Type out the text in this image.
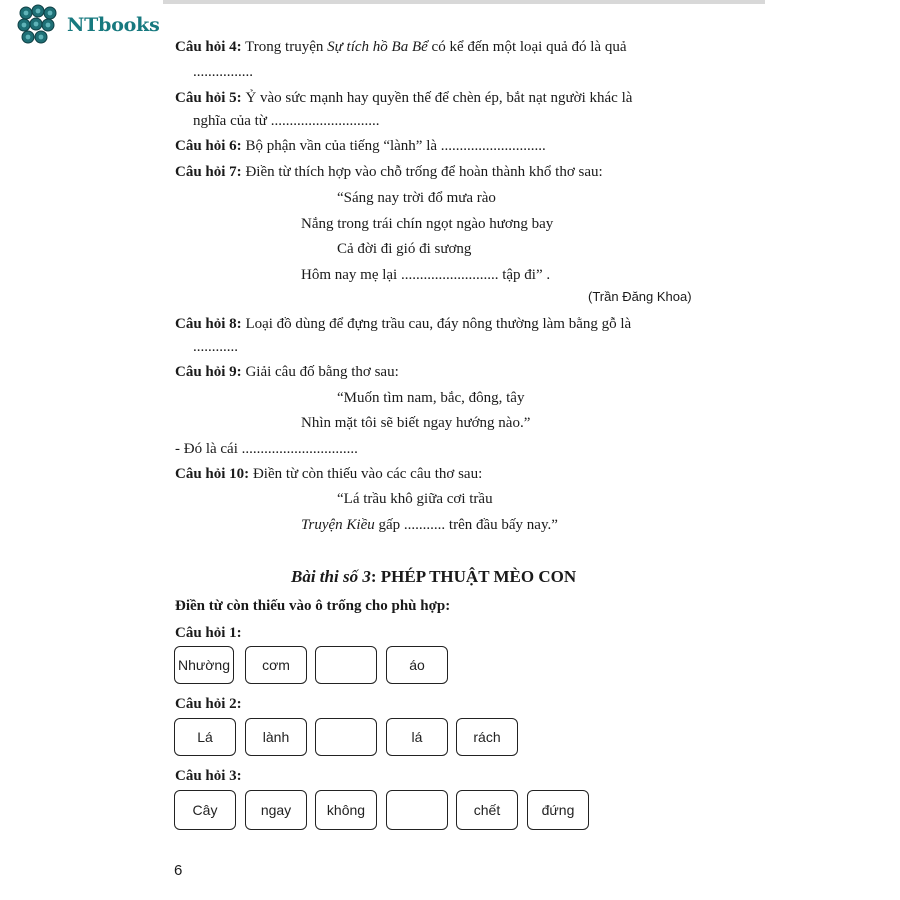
NTbooks
Câu hỏi 4: Trong truyện Sự tích hồ Ba Bể có kể đến một loại quả đó là quả
................
Câu hỏi 5: Ỷ vào sức mạnh hay quyền thế để chèn ép, bắt nạt người khác là
nghĩa của từ .............................
Câu hỏi 6: Bộ phận vần của tiếng “lành” là ............................
Câu hỏi 7: Điền từ thích hợp vào chỗ trống để hoàn thành khổ thơ sau:
“Sáng nay trời đổ mưa rào
Nắng trong trái chín ngọt ngào hương bay
Cả đời đi gió đi sương
Hôm nay mẹ lại .......................... tập đi” .
(Trần Đăng Khoa)
Câu hỏi 8: Loại đồ dùng để đựng trầu cau, đáy nông thường làm bằng gỗ là
............
Câu hỏi 9: Giải câu đố bằng thơ sau:
“Muốn tìm nam, bắc, đông, tây
Nhìn mặt tôi sẽ biết ngay hướng nào.”
- Đó là cái ...............................
Câu hỏi 10: Điền từ còn thiếu vào các câu thơ sau:
“Lá trầu khô giữa cơi trầu
Truyện Kiều gấp ........... trên đầu bấy nay.”
Bài thi số 3: PHÉP THUẬT MÈO CON
Điền từ còn thiếu vào ô trống cho phù hợp:
Câu hỏi 1:
Nhường	cơm	áo
Câu hỏi 2:
Lá	lành	lá	rách
Câu hỏi 3:
Cây	ngay	không	chết	đứng
6
